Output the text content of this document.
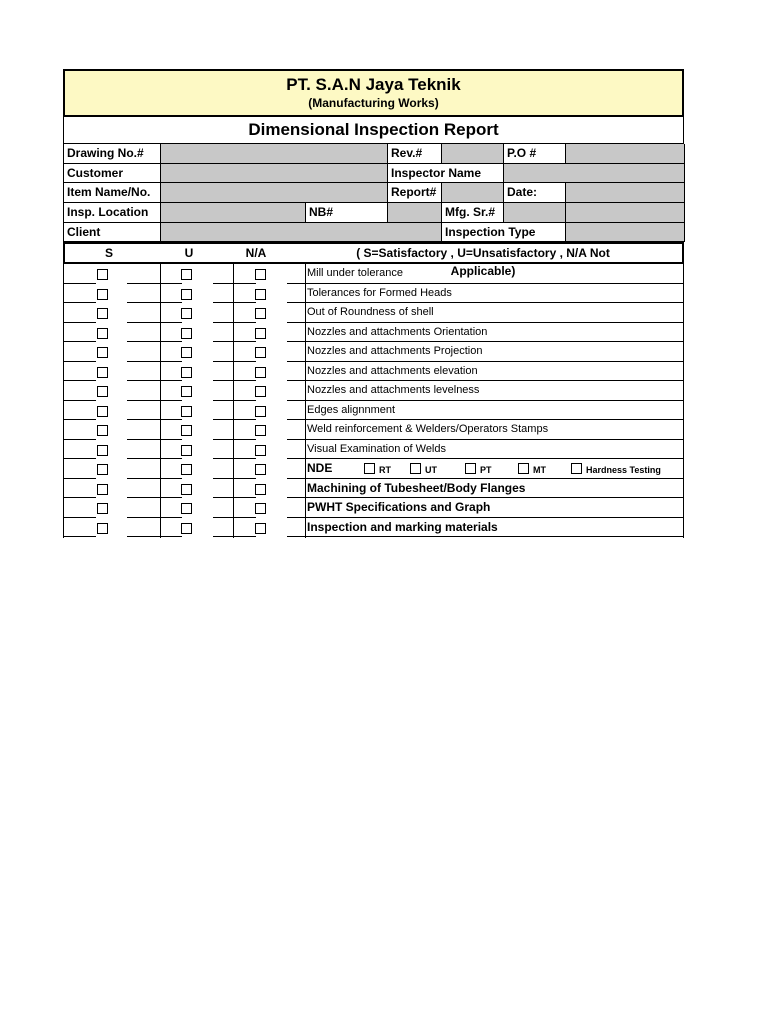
PT. S.A.N Jaya Teknik
(Manufacturing Works)
Dimensional Inspection Report
Drawing No.#	Rev.#	P.O #
Customer	Inspector Name
Item Name/No.	Report#	Date:
Insp. Location	NB#	Mfg. Sr.#
Client	Inspection Type
S	U	N/A	( S=Satisfactory , U=Unsatisfactory , N/A Not Applicable)
Mill under tolerance
Tolerances for Formed Heads
Out of Roundness of shell
Nozzles and attachments Orientation
Nozzles and attachments Projection
Nozzles and attachments elevation
Nozzles and attachments levelness
Edges alignnment
Weld reinforcement & Welders/Operators Stamps
Visual Examination of Welds
NDE	RT	UT	PT	MT	Hardness Testing
Machining of Tubesheet/Body Flanges
PWHT Specifications and Graph
Inspection and marking materials
